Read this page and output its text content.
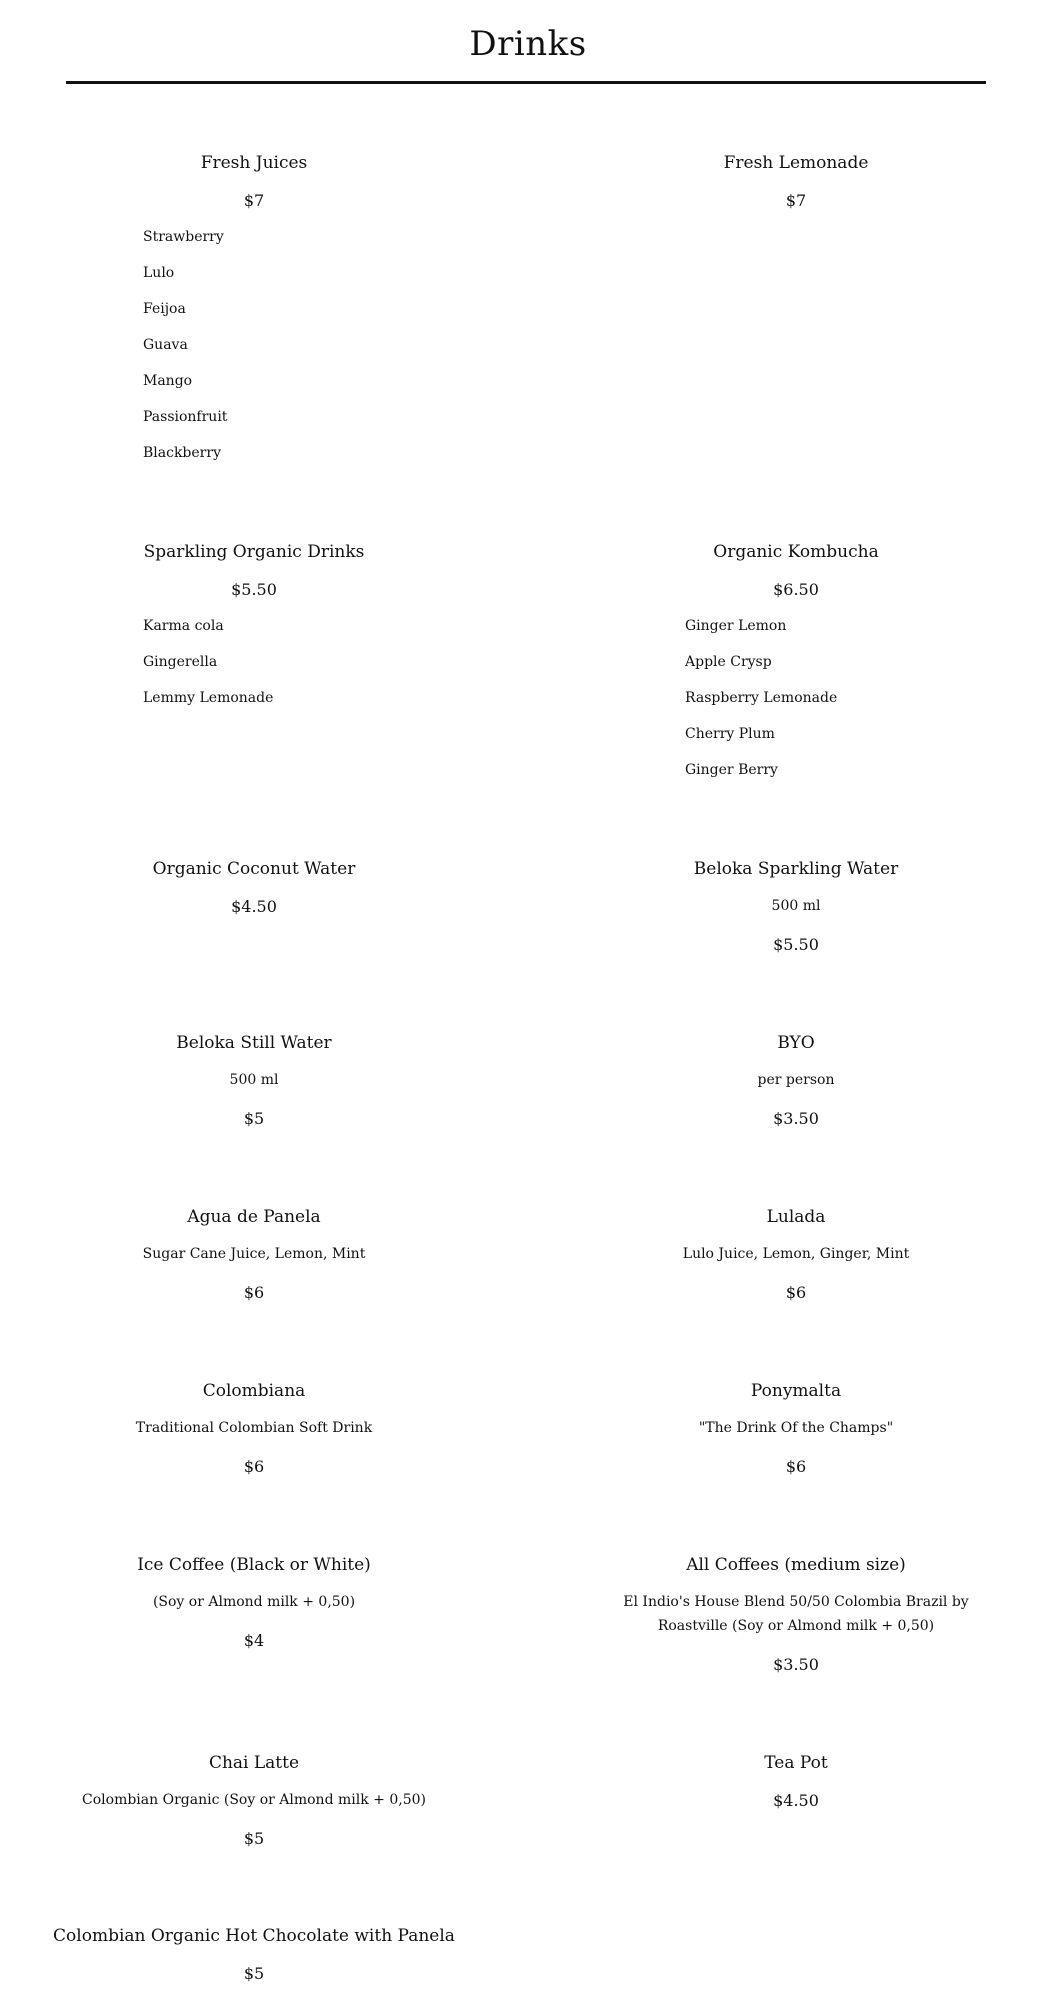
Drinks
Fresh Juices
$7
Strawberry
Lulo
Feijoa
Guava
Mango
Passionfruit
Blackberry
Fresh Lemonade
$7
Sparkling Organic Drinks
$5.50
Karma cola
Gingerella
Lemmy Lemonade
Organic Kombucha
$6.50
Ginger Lemon
Apple Crysp
Raspberry Lemonade
Cherry Plum
Ginger Berry
Organic Coconut Water
$4.50
Beloka Sparkling Water
500 ml
$5.50
Beloka Still Water
500 ml
$5
BYO
per person
$3.50
Agua de Panela
Sugar Cane Juice, Lemon, Mint
$6
Lulada
Lulo Juice, Lemon, Ginger, Mint
$6
Colombiana
Traditional Colombian Soft Drink
$6
Ponymalta
"The Drink Of the Champs"
$6
Ice Coffee (Black or White)
(Soy or Almond milk + 0,50)
$4
All Coffees (medium size)
El Indio's House Blend 50/50 Colombia Brazil by Roastville (Soy or Almond milk + 0,50)
$3.50
Chai Latte
Colombian Organic (Soy or Almond milk + 0,50)
$5
Tea Pot
$4.50
Colombian Organic Hot Chocolate with Panela
$5
